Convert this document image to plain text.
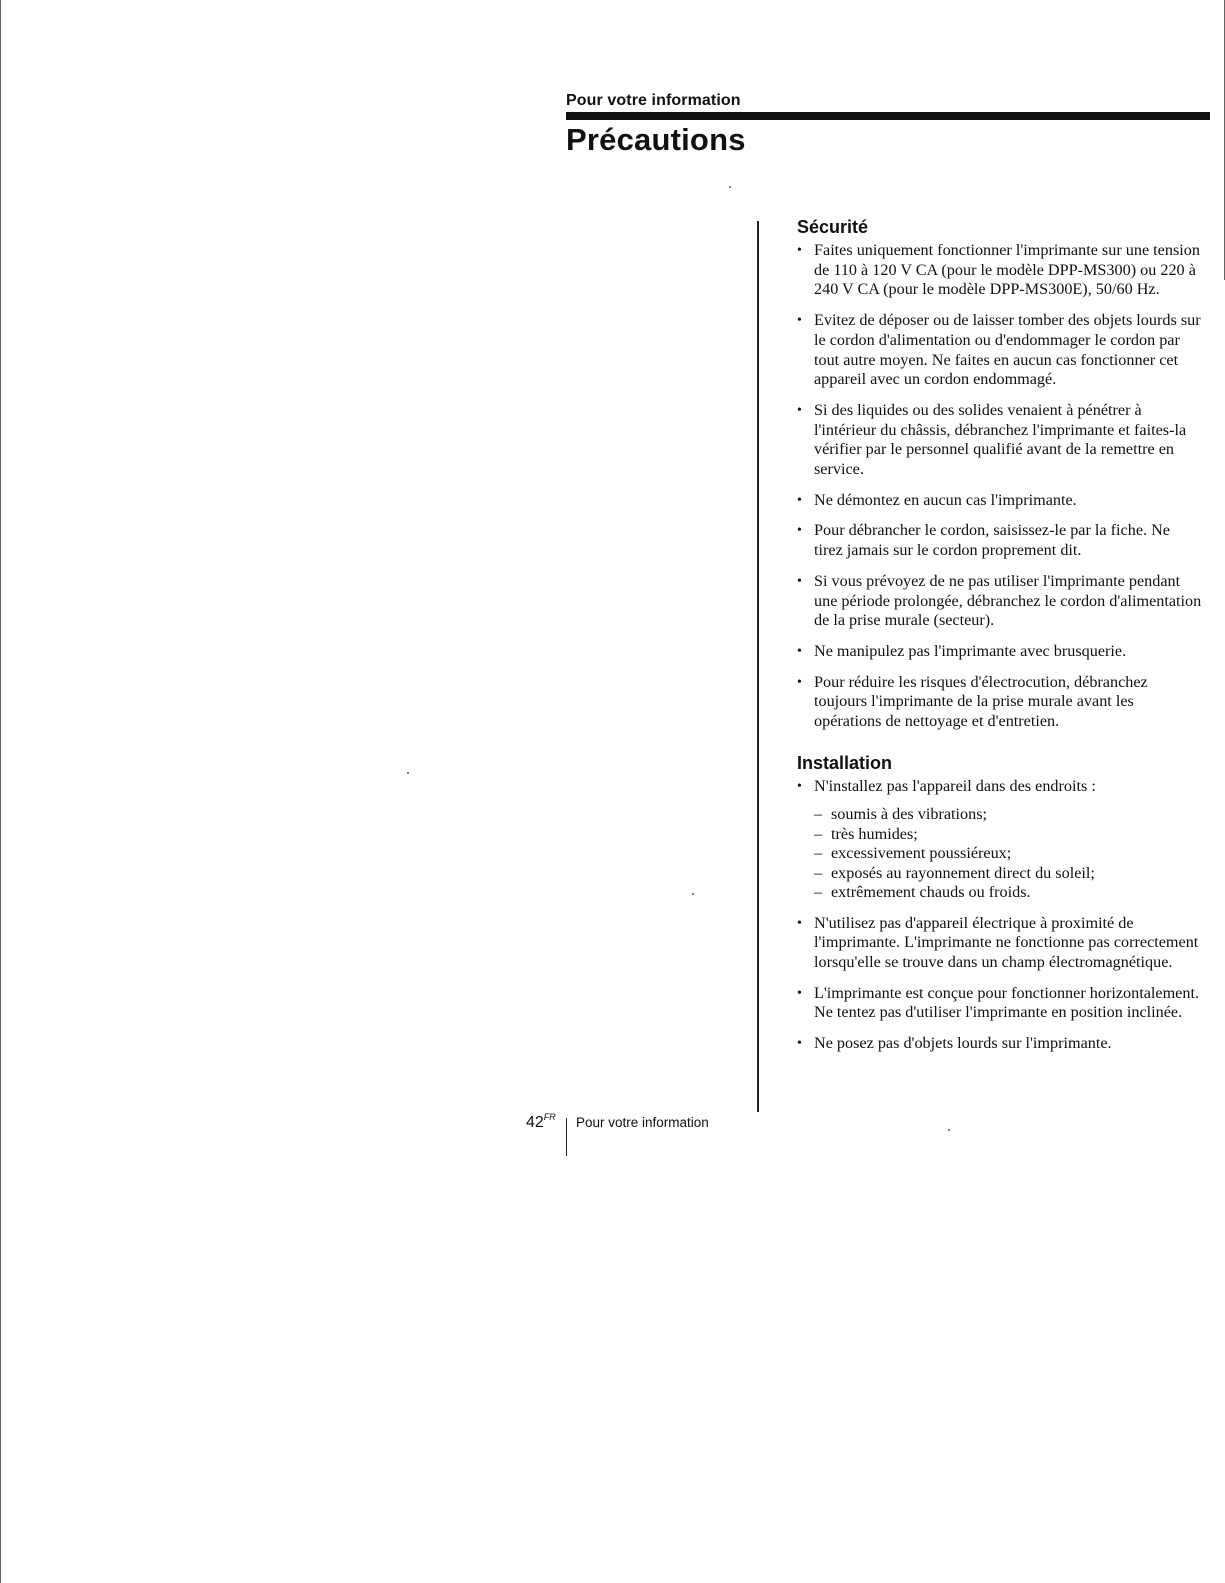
Pour votre information
Précautions
Sécurité
• Faites uniquement fonctionner l'imprimante sur une tension de 110 à 120 V CA (pour le modèle DPP-MS300) ou 220 à 240 V CA (pour le modèle DPP-MS300E), 50/60 Hz.
• Evitez de déposer ou de laisser tomber des objets lourds sur le cordon d'alimentation ou d'endommager le cordon par tout autre moyen. Ne faites en aucun cas fonctionner cet appareil avec un cordon endommagé.
• Si des liquides ou des solides venaient à pénétrer à l'intérieur du châssis, débranchez l'imprimante et faites-la vérifier par le personnel qualifié avant de la remettre en service.
• Ne démontez en aucun cas l'imprimante.
• Pour débrancher le cordon, saisissez-le par la fiche. Ne tirez jamais sur le cordon proprement dit.
• Si vous prévoyez de ne pas utiliser l'imprimante pendant une période prolongée, débranchez le cordon d'alimentation de la prise murale (secteur).
• Ne manipulez pas l'imprimante avec brusquerie.
• Pour réduire les risques d'électrocution, débranchez toujours l'imprimante de la prise murale avant les opérations de nettoyage et d'entretien.
Installation
• N'installez pas l'appareil dans des endroits :
– soumis à des vibrations;
– très humides;
– excessivement poussiéreux;
– exposés au rayonnement direct du soleil;
– extrêmement chauds ou froids.
• N'utilisez pas d'appareil électrique à proximité de l'imprimante. L'imprimante ne fonctionne pas correctement lorsqu'elle se trouve dans un champ électromagnétique.
• L'imprimante est conçue pour fonctionner horizontalement. Ne tentez pas d'utiliser l'imprimante en position inclinée.
• Ne posez pas d'objets lourds sur l'imprimante.
$42^{FR}$ Pour votre information
